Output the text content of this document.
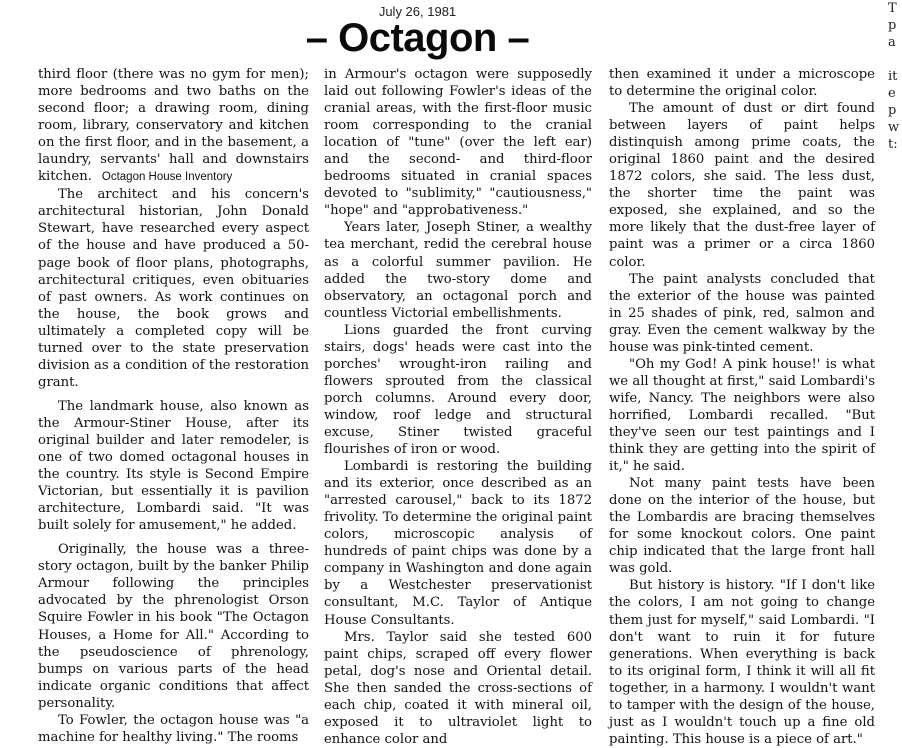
July 26, 1981
– Octagon –

third floor (there was no gym for men); more bedrooms and two baths on the second floor; a drawing room, dining room, library, conservatory and kitchen on the first floor, and in the basement, a laundry, servants' hall and downstairs kitchen. Octagon House Inventory

The architect and his concern's architectural historian, John Donald Stewart, have researched every aspect of the house and have produced a 50-page book of floor plans, photographs, architectural critiques, even obituaries of past owners. As work continues on the house, the book grows and ultimately a completed copy will be turned over to the state preservation division as a condition of the restoration grant.

The landmark house, also known as the Armour-Stiner House, after its original builder and later remodeler, is one of two domed octagonal houses in the country. Its style is Second Empire Victorian, but essentially it is pavilion architecture, Lombardi said. "It was built solely for amusement," he added.

Originally, the house was a three-story octagon, built by the banker Philip Armour following the principles advocated by the phrenologist Orson Squire Fowler in his book "The Octagon Houses, a Home for All." According to the pseudoscience of phrenology, bumps on various parts of the head indicate organic conditions that affect personality.

To Fowler, the octagon house was "a machine for healthy living." The rooms

in Armour's octagon were supposedly laid out following Fowler's ideas of the cranial areas, with the first-floor music room corresponding to the cranial location of "tune" (over the left ear) and the second- and third-floor bedrooms situated in cranial spaces devoted to "sublimity," "cautiousness," "hope" and "approbativeness."

Years later, Joseph Stiner, a wealthy tea merchant, redid the cerebral house as a colorful summer pavilion. He added the two-story dome and observatory, an octagonal porch and countless Victorial embellishments.

Lions guarded the front curving stairs, dogs' heads were cast into the porches' wrought-iron railing and flowers sprouted from the classical porch columns. Around every door, window, roof ledge and structural excuse, Stiner twisted graceful flourishes of iron or wood.

Lombardi is restoring the building and its exterior, once described as an "arrested carousel," back to its 1872 frivolity. To determine the original paint colors, microscopic analysis of hundreds of paint chips was done by a company in Washington and done again by a Westchester preservationist consultant, M.C. Taylor of Antique House Consultants.

Mrs. Taylor said she tested 600 paint chips, scraped off every flower petal, dog's nose and Oriental detail. She then sanded the cross-sections of each chip, coated it with mineral oil, exposed it to ultraviolet light to enhance color and

then examined it under a microscope to determine the original color.

The amount of dust or dirt found between layers of paint helps distinquish among prime coats, the original 1860 paint and the desired 1872 colors, she said. The less dust, the shorter time the paint was exposed, she explained, and so the more likely that the dust-free layer of paint was a primer or a circa 1860 color.

The paint analysts concluded that the exterior of the house was painted in 25 shades of pink, red, salmon and gray. Even the cement walkway by the house was pink-tinted cement.

"Oh my God! A pink house!' is what we all thought at first," said Lombardi's wife, Nancy. The neighbors were also horrified, Lombardi recalled. "But they've seen our test paintings and I think they are getting into the spirit of it," he said.

Not many paint tests have been done on the interior of the house, but the Lombardis are bracing themselves for some knockout colors. One paint chip indicated that the large front hall was gold.

But history is history. "If I don't like the colors, I am not going to change them just for myself," said Lombardi. "I don't want to ruin it for future generations. When everything is back to its original form, I think it will all fit together, in a harmony. I wouldn't want to tamper with the design of the house, just as I wouldn't touch up a fine old painting. This house is a piece of art."

T
p
a
it
e
p
w
t:
